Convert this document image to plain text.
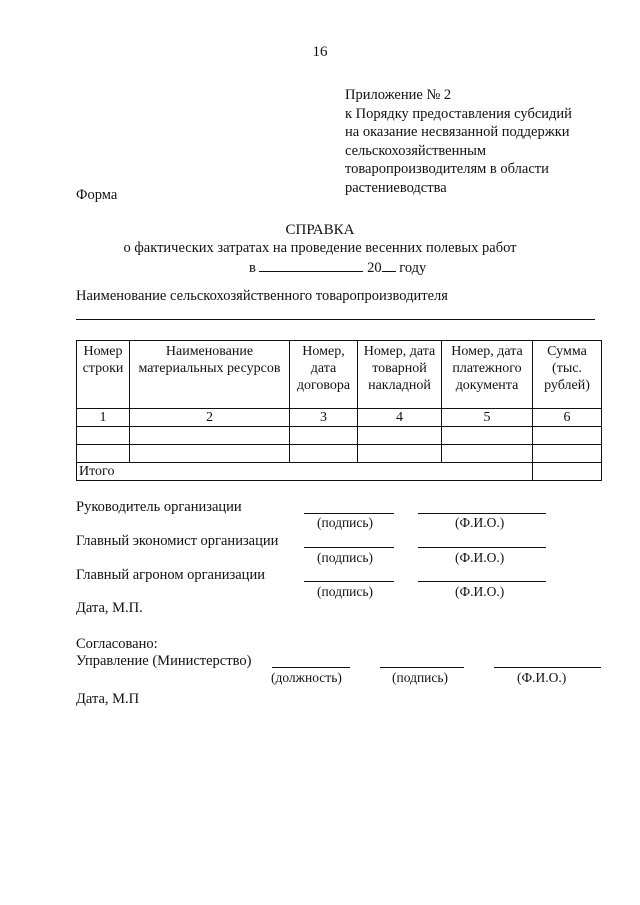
16
Приложение № 2
к Порядку предоставления субсидий
на оказание несвязанной поддержки
сельскохозяйственным
товаропроизводителям в области
растениеводства
Форма
СПРАВКА
о фактических затратах на проведение весенних полевых работ
в	20 году
Наименование сельскохозяйственного товаропроизводителя
Номер строки	Наименование материальных ресурсов	Номер, дата договора	Номер, дата товарной накладной	Номер, дата платежного документа	Сумма (тыс. рублей)
1	2	3	4	5	6

Итого					
Руководитель организации
(подпись)	(Ф.И.О.)
Главный экономист организации
(подпись)	(Ф.И.О.)
Главный агроном организации
(подпись)	(Ф.И.О.)
Дата, М.П.
Согласовано:
Управление (Министерство)
(должность)	(подпись)	(Ф.И.О.)
Дата, М.П
